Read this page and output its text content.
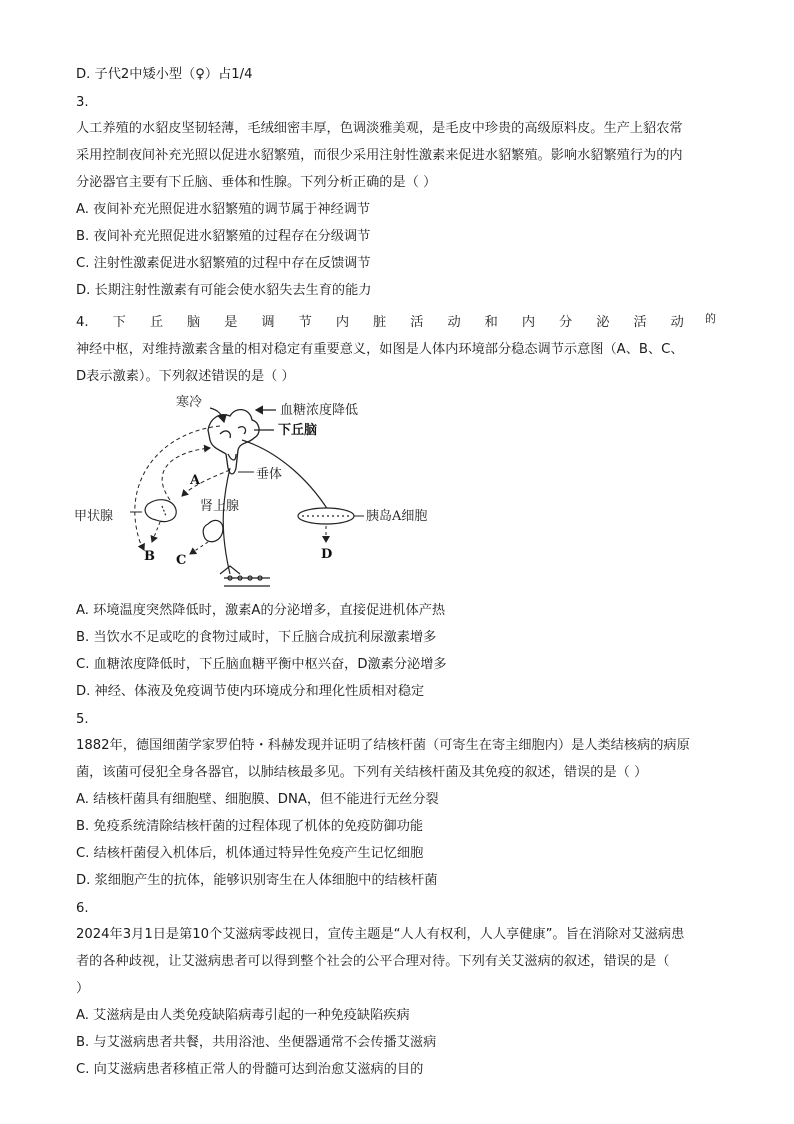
D. 子代2中矮小型（♀）占1/4
3.
人工养殖的水貂皮坚韧轻薄，毛绒细密丰厚，色调淡雅美观，是毛皮中珍贵的高级原料皮。生产上貂农常
采用控制夜间补充光照以促进水貂繁殖，而很少采用注射性激素来促进水貂繁殖。影响水貂繁殖行为的内
分泌器官主要有下丘脑、垂体和性腺。下列分析正确的是（ ）
A. 夜间补充光照促进水貂繁殖的调节属于神经调节
B. 夜间补充光照促进水貂繁殖的过程存在分级调节
C. 注射性激素促进水貂繁殖的过程中存在反馈调节
D. 长期注射性激素有可能会使水貂失去生育的能力
4. 下 丘 脑 是 调 节 内 脏 活 动 和 内 分 泌 活 动 的
神经中枢，对维持激素含量的相对稳定有重要意义，如图是人体内环境部分稳态调节示意图（A、B、C、
D表示激素）。下列叙述错误的是（ ）
寒冷
血糖浓度降低
下丘脑
垂体
A
甲状腺
B
肾上腺
C
胰岛A细胞
D
A. 环境温度突然降低时，激素A的分泌增多，直接促进机体产热
B. 当饮水不足或吃的食物过咸时，下丘脑合成抗利尿激素增多
C. 血糖浓度降低时，下丘脑血糖平衡中枢兴奋，D激素分泌增多
D. 神经、体液及免疫调节使内环境成分和理化性质相对稳定
5.
1882年，德国细菌学家罗伯特・科赫发现并证明了结核杆菌（可寄生在寄主细胞内）是人类结核病的病原
菌，该菌可侵犯全身各器官，以肺结核最多见。下列有关结核杆菌及其免疫的叙述，错误的是（ ）
A. 结核杆菌具有细胞壁、细胞膜、DNA，但不能进行无丝分裂
B. 免疫系统清除结核杆菌的过程体现了机体的免疫防御功能
C. 结核杆菌侵入机体后，机体通过特异性免疫产生记忆细胞
D. 浆细胞产生的抗体，能够识别寄生在人体细胞中的结核杆菌
6.
2024年3月1日是第10个艾滋病零歧视日，宣传主题是“人人有权利，人人享健康”。旨在消除对艾滋病患
者的各种歧视，让艾滋病患者可以得到整个社会的公平合理对待。下列有关艾滋病的叙述，错误的是（
）
A. 艾滋病是由人类免疫缺陷病毒引起的一种免疫缺陷疾病
B. 与艾滋病患者共餐，共用浴池、坐便器通常不会传播艾滋病
C. 向艾滋病患者移植正常人的骨髓可达到治愈艾滋病的目的
